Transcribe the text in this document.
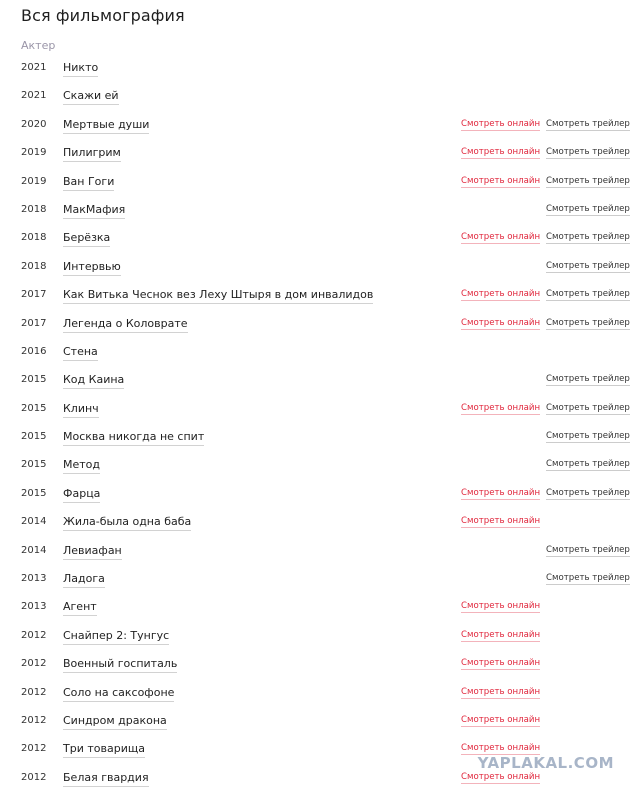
Вся фильмография
Актер
2021 Никто
2021 Скажи ей
2020 Мертвые души	Смотреть онлайн Смотреть трейлер
2019 Пилигрим	Смотреть онлайн Смотреть трейлер
2019 Ван Гоги	Смотреть онлайн Смотреть трейлер
2018 МакМафия	Смотреть трейлер
2018 Берёзка	Смотреть онлайн Смотреть трейлер
2018 Интервью	Смотреть трейлер
2017 Как Витька Чеснок вез Леху Штыря в дом инвалидов	Смотреть онлайн Смотреть трейлер
2017 Легенда о Коловрате	Смотреть онлайн Смотреть трейлер
2016 Стена
2015 Код Каина	Смотреть трейлер
2015 Клинч	Смотреть онлайн Смотреть трейлер
2015 Москва никогда не спит	Смотреть трейлер
2015 Метод	Смотреть трейлер
2015 Фарца	Смотреть онлайн Смотреть трейлер
2014 Жила-была одна баба	Смотреть онлайн
2014 Левиафан	Смотреть трейлер
2013 Ладога	Смотреть трейлер
2013 Агент	Смотреть онлайн
2012 Снайпер 2: Тунгус	Смотреть онлайн
2012 Военный госпиталь	Смотреть онлайн
2012 Соло на саксофоне	Смотреть онлайн
2012 Синдром дракона	Смотреть онлайн
2012 Три товарища	Смотреть онлайн
2012 Белая гвардия	Смотреть онлайн
YAPLAKAL.COM
